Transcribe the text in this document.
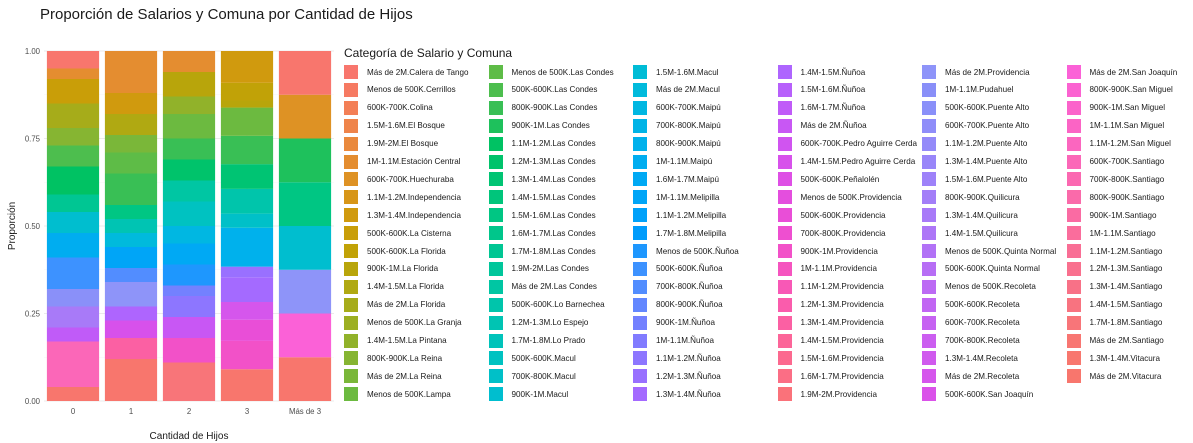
Proporción de Salarios y Comuna por Cantidad de Hijos
0.00
0.25
0.50
0.75
1.00
0	1	2	3	Más de 3
Cantidad de Hijos
Proporción
Categoría de Salario y Comuna
Más de 2M.Calera de Tango
Menos de 500K.Cerrillos
600K-700K.Colina
1.5M-1.6M.El Bosque
1.9M-2M.El Bosque
1M-1.1M.Estación Central
600K-700K.Huechuraba
1.1M-1.2M.Independencia
1.3M-1.4M.Independencia
500K-600K.La Cisterna
500K-600K.La Florida
900K-1M.La Florida
1.4M-1.5M.La Florida
Más de 2M.La Florida
Menos de 500K.La Granja
1.4M-1.5M.La Pintana
800K-900K.La Reina
Más de 2M.La Reina
Menos de 500K.Lampa
Menos de 500K.Las Condes
500K-600K.Las Condes
800K-900K.Las Condes
900K-1M.Las Condes
1.1M-1.2M.Las Condes
1.2M-1.3M.Las Condes
1.3M-1.4M.Las Condes
1.4M-1.5M.Las Condes
1.5M-1.6M.Las Condes
1.6M-1.7M.Las Condes
1.7M-1.8M.Las Condes
1.9M-2M.Las Condes
Más de 2M.Las Condes
500K-600K.Lo Barnechea
1.2M-1.3M.Lo Espejo
1.7M-1.8M.Lo Prado
500K-600K.Macul
700K-800K.Macul
900K-1M.Macul
1.5M-1.6M.Macul
Más de 2M.Macul
600K-700K.Maipú
700K-800K.Maipú
800K-900K.Maipú
1M-1.1M.Maipú
1.6M-1.7M.Maipú
1M-1.1M.Melipilla
1.1M-1.2M.Melipilla
1.7M-1.8M.Melipilla
Menos de 500K.Ñuñoa
500K-600K.Ñuñoa
700K-800K.Ñuñoa
800K-900K.Ñuñoa
900K-1M.Ñuñoa
1M-1.1M.Ñuñoa
1.1M-1.2M.Ñuñoa
1.2M-1.3M.Ñuñoa
1.3M-1.4M.Ñuñoa
1.4M-1.5M.Ñuñoa
1.5M-1.6M.Ñuñoa
1.6M-1.7M.Ñuñoa
Más de 2M.Ñuñoa
600K-700K.Pedro Aguirre Cerda
1.4M-1.5M.Pedro Aguirre Cerda
500K-600K.Peñalolén
Menos de 500K.Providencia
500K-600K.Providencia
700K-800K.Providencia
900K-1M.Providencia
1M-1.1M.Providencia
1.1M-1.2M.Providencia
1.2M-1.3M.Providencia
1.3M-1.4M.Providencia
1.4M-1.5M.Providencia
1.5M-1.6M.Providencia
1.6M-1.7M.Providencia
1.9M-2M.Providencia
Más de 2M.Providencia
1M-1.1M.Pudahuel
500K-600K.Puente Alto
600K-700K.Puente Alto
1.1M-1.2M.Puente Alto
1.3M-1.4M.Puente Alto
1.5M-1.6M.Puente Alto
800K-900K.Quilicura
1.3M-1.4M.Quilicura
1.4M-1.5M.Quilicura
Menos de 500K.Quinta Normal
500K-600K.Quinta Normal
Menos de 500K.Recoleta
500K-600K.Recoleta
600K-700K.Recoleta
700K-800K.Recoleta
1.3M-1.4M.Recoleta
Más de 2M.Recoleta
500K-600K.San Joaquín
Más de 2M.San Joaquín
800K-900K.San Miguel
900K-1M.San Miguel
1M-1.1M.San Miguel
1.1M-1.2M.San Miguel
600K-700K.Santiago
700K-800K.Santiago
800K-900K.Santiago
900K-1M.Santiago
1M-1.1M.Santiago
1.1M-1.2M.Santiago
1.2M-1.3M.Santiago
1.3M-1.4M.Santiago
1.4M-1.5M.Santiago
1.7M-1.8M.Santiago
Más de 2M.Santiago
1.3M-1.4M.Vitacura
Más de 2M.Vitacura
